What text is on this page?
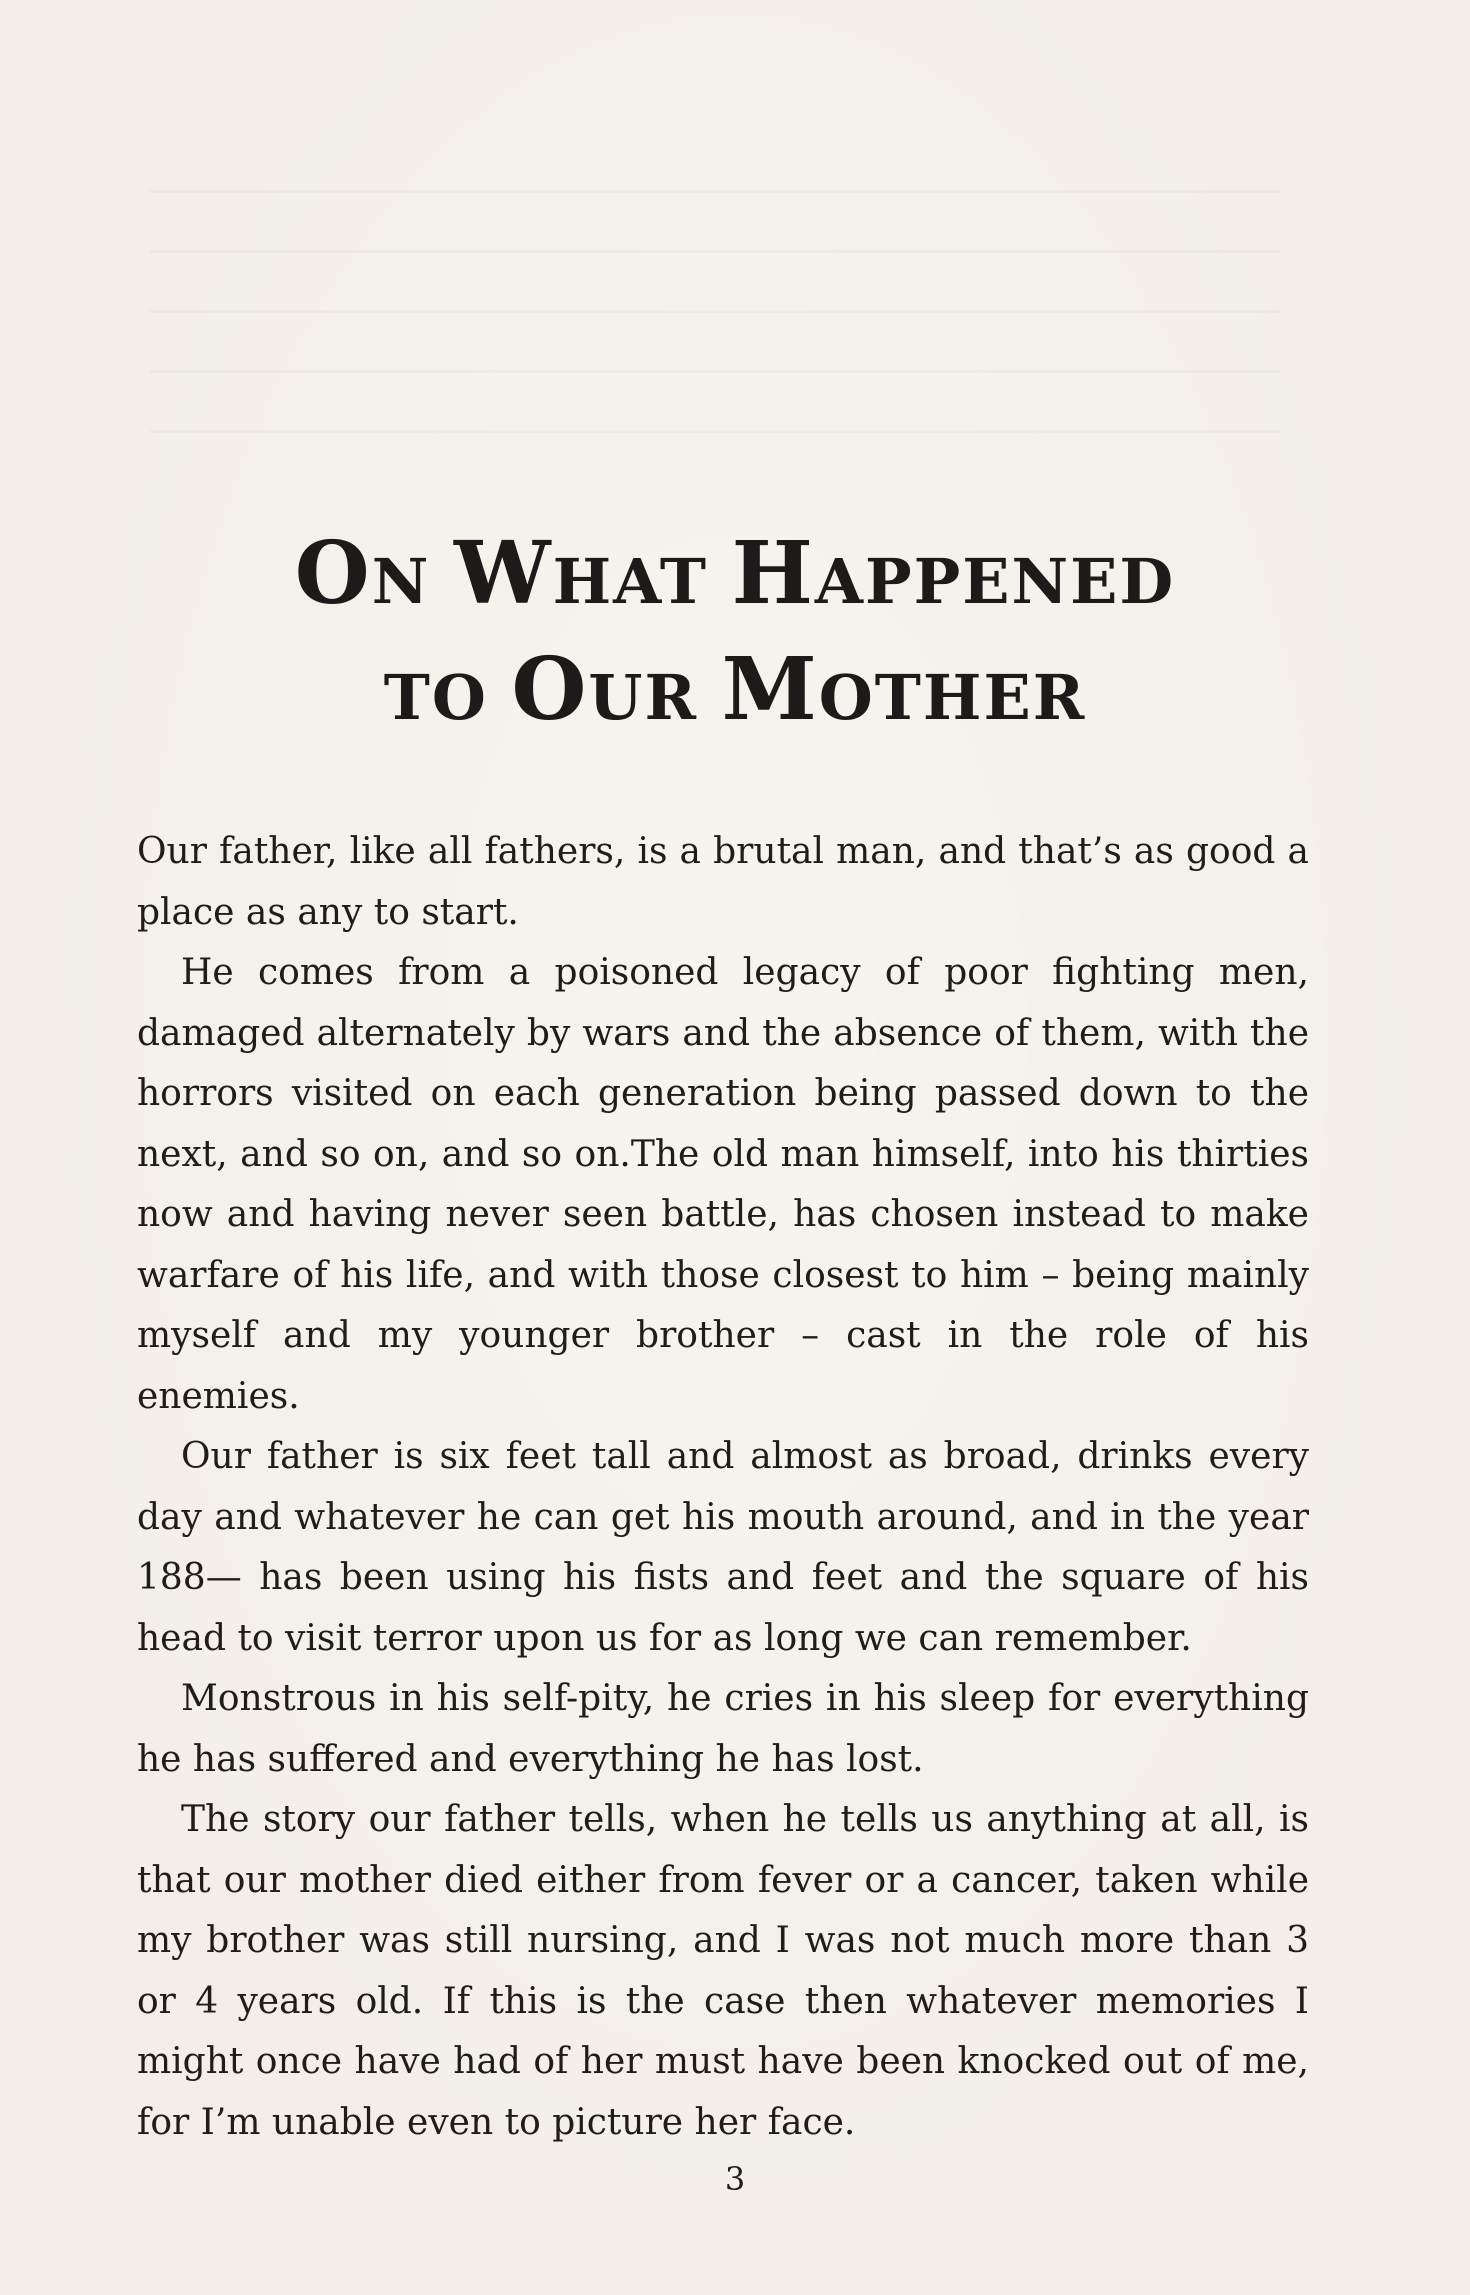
ON WHAT HAPPENED
TO OUR MOTHER

Our father, like all fathers, is a brutal man, and that’s as good a place as any to start.

He comes from a poisoned legacy of poor fighting men, damaged alternately by wars and the absence of them, with the horrors visited on each generation being passed down to the next, and so on, and so on.The old man himself, into his thirties now and having never seen battle, has chosen instead to make warfare of his life, and with those closest to him – being mainly myself and my younger brother – cast in the role of his enemies.

Our father is six feet tall and almost as broad, drinks every day and whatever he can get his mouth around, and in the year 188— has been using his fists and feet and the square of his head to visit terror upon us for as long we can remember.

Monstrous in his self-pity, he cries in his sleep for everything he has suffered and everything he has lost.

The story our father tells, when he tells us anything at all, is that our mother died either from fever or a cancer, taken while my brother was still nursing, and I was not much more than 3 or 4 years old. If this is the case then whatever memories I might once have had of her must have been knocked out of me, for I’m unable even to picture her face.

3
